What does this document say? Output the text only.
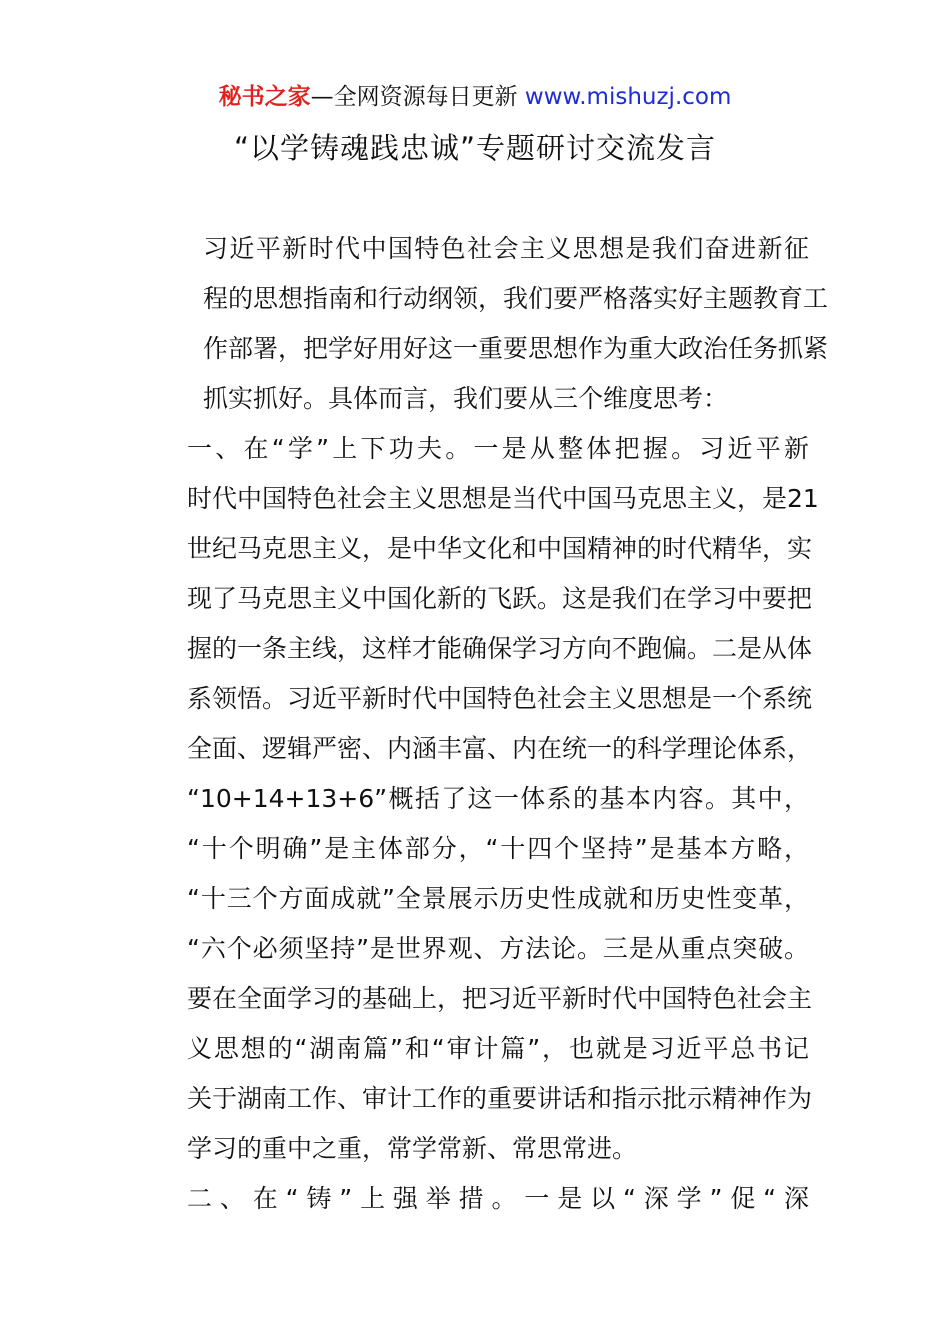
秘书之家—全网资源每日更新 www.mishuzj.com
“以学铸魂践忠诚”专题研讨交流发言

习近平新时代中国特色社会主义思想是我们奋进新征
程的思想指南和行动纲领，我们要严格落实好主题教育工
作部署，把学好用好这一重要思想作为重大政治任务抓紧
抓实抓好。具体而言，我们要从三个维度思考：

一、在“学”上下功夫。一是从整体把握。习近平新
时代中国特色社会主义思想是当代中国马克思主义，是21
世纪马克思主义，是中华文化和中国精神的时代精华，实
现了马克思主义中国化新的飞跃。这是我们在学习中要把
握的一条主线，这样才能确保学习方向不跑偏。二是从体
系领悟。习近平新时代中国特色社会主义思想是一个系统
全面、逻辑严密、内涵丰富、内在统一的科学理论体系，
“10+14+13+6”概括了这一体系的基本内容。其中，
“十个明确”是主体部分，“十四个坚持”是基本方略，
“十三个方面成就”全景展示历史性成就和历史性变革，
“六个必须坚持”是世界观、方法论。三是从重点突破。
要在全面学习的基础上，把习近平新时代中国特色社会主
义思想的“湖南篇”和“审计篇”，也就是习近平总书记
关于湖南工作、审计工作的重要讲话和指示批示精神作为
学习的重中之重，常学常新、常思常进。

二、在“铸”上强举措。一是以“深学”促“深
